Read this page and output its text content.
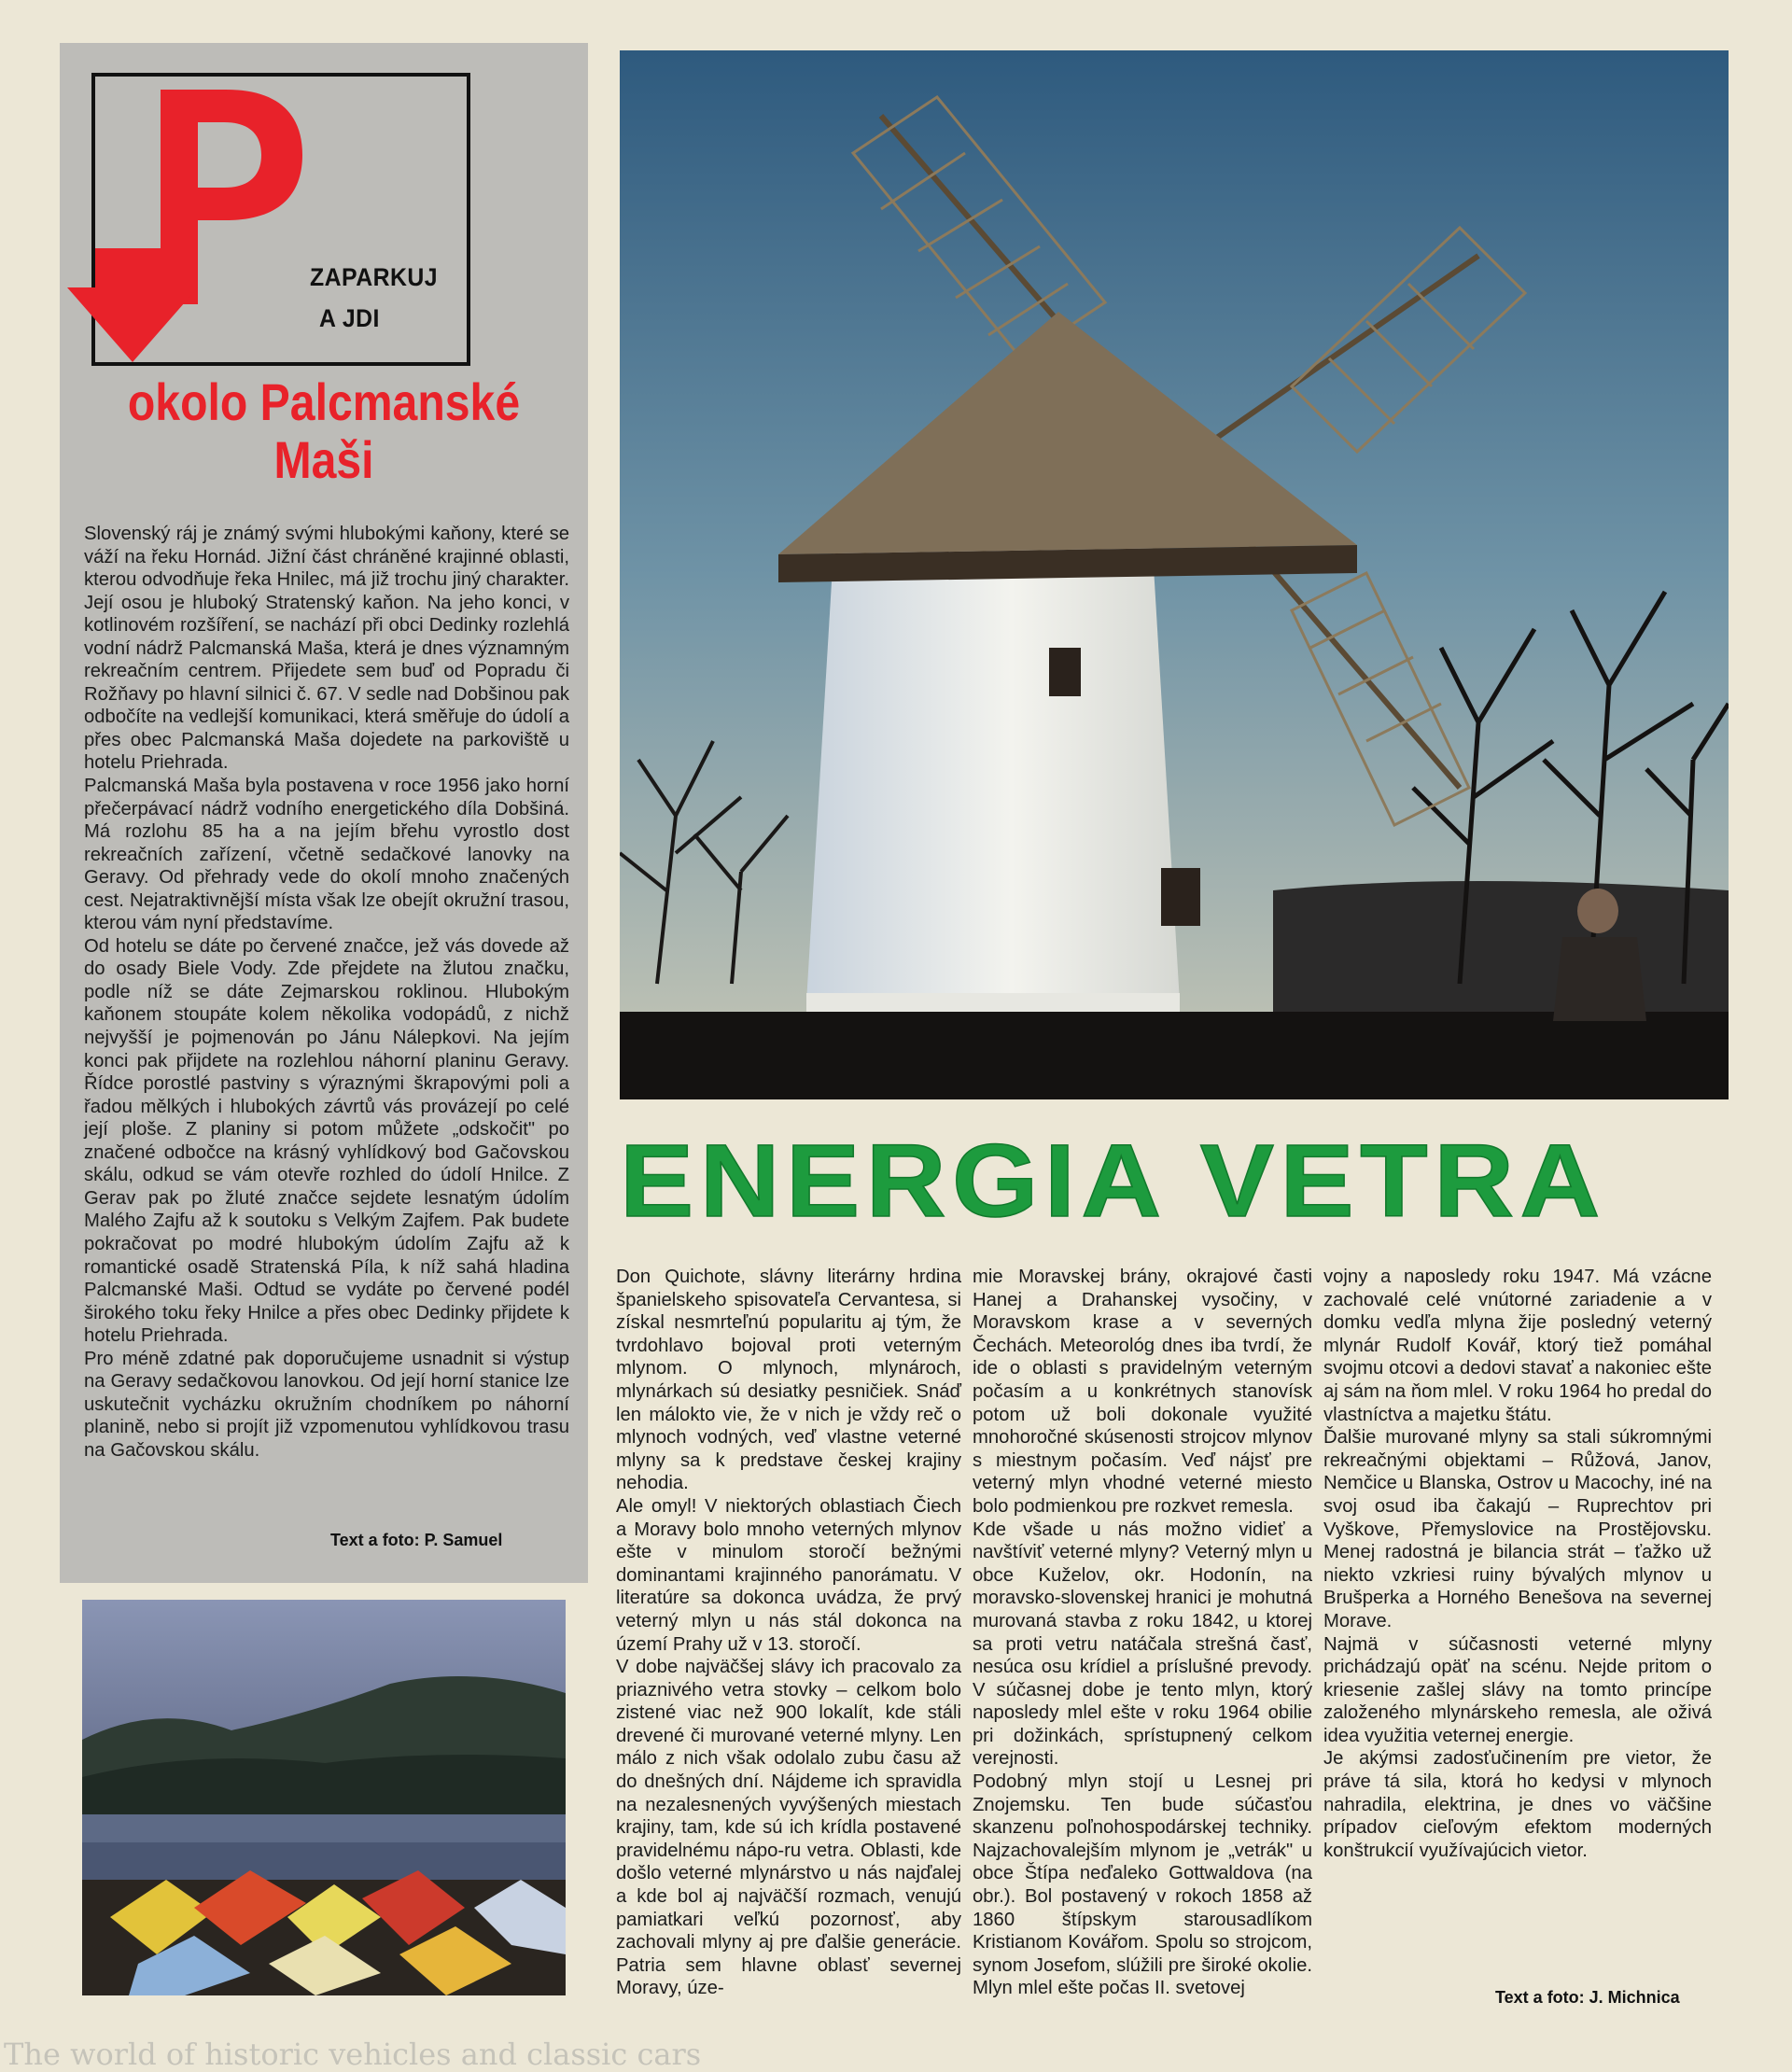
ZAPARKUJ
A JDI
okolo Palcmanské
Maši

Slovenský ráj je známý svými hlubokými kaňony, které se váží na řeku Hornád. Jižní část chráněné krajinné oblasti, kterou odvodňuje řeka Hnilec, má již trochu jiný charakter. Její osou je hluboký Stratenský kaňon. Na jeho konci, v kotlinovém rozšíření, se nachází při obci Dedinky rozlehlá vodní nádrž Palcmanská Maša, která je dnes významným rekreačním centrem. Přijedete sem buď od Popradu či Rožňavy po hlavní silnici č. 67. V sedle nad Dobšinou pak odbočíte na vedlejší komunikaci, která směřuje do údolí a přes obec Palcmanská Maša dojedete na parkoviště u hotelu Priehrada.

Palcmanská Maša byla postavena v roce 1956 jako horní přečerpávací nádrž vodního energetického díla Dobšiná. Má rozlohu 85 ha a na jejím břehu vyrostlo dost rekreačních zařízení, včetně sedačkové lanovky na Geravy. Od přehrady vede do okolí mnoho značených cest. Nejatraktivnější místa však lze obejít okružní trasou, kterou vám nyní představíme.

Od hotelu se dáte po červené značce, jež vás dovede až do osady Biele Vody. Zde přejdete na žlutou značku, podle níž se dáte Zejmarskou roklinou. Hlubokým kaňonem stoupáte kolem několika vodopádů, z nichž nejvyšší je pojmenován po Jánu Nálepkovi. Na jejím konci pak přijdete na rozlehlou náhorní planinu Geravy. Řídce porostlé pastviny s výraznými škrapovými poli a řadou mělkých i hlubokých závrtů vás provázejí po celé její ploše. Z planiny si potom můžete „odskočit" po značené odbočce na krásný vyhlídkový bod Gačovskou skálu, odkud se vám otevře rozhled do údolí Hnilce. Z Gerav pak po žluté značce sejdete lesnatým údolím Malého Zajfu až k soutoku s Velkým Zajfem. Pak budete pokračovat po modré hlubokým údolím Zajfu až k romantické osadě Stratenská Píla, k níž sahá hladina Palcmanské Maši. Odtud se vydáte po červené podél širokého toku řeky Hnilce a přes obec Dedinky přijdete k hotelu Priehrada.

Pro méně zdatné pak doporučujeme usnadnit si výstup na Geravy sedačkovou lanovkou. Od její horní stanice lze uskutečnit vycházku okružním chodníkem po náhorní planině, nebo si projít již vzpomenutou vyhlídkovou trasu na Gačovskou skálu.

Text a foto: P. Samuel
ENERGIA VETRA

Don Quichote, slávny literárny hrdina španielskeho spisovateľa Cervantesa, si získal nesmrteľnú popularitu aj tým, že tvrdohlavo bojoval proti veterným mlynom. O mlynoch, mlynároch, mlynárkach sú desiatky pesničiek. Snáď len málokto vie, že v nich je vždy reč o mlynoch vodných, veď vlastne veterné mlyny sa k predstave českej krajiny nehodia.

Ale omyl! V niektorých oblastiach Čiech a Moravy bolo mnoho veterných mlynov ešte v minulom storočí bežnými dominantami krajinného panorámatu. V literatúre sa dokonca uvádza, že prvý veterný mlyn u nás stál dokonca na území Prahy už v 13. storočí.

V dobe najväčšej slávy ich pracovalo za priaznivého vetra stovky – celkom bolo zistené viac než 900 lokalít, kde stáli drevené či murované veterné mlyny. Len málo z nich však odolalo zubu času až do dnešných dní. Nájdeme ich spravidla na nezalesnených vyvýšených miestach krajiny, tam, kde sú ich krídla postavené pravidelnému nápo-ru vetra. Oblasti, kde došlo veterné mlynárstvo u nás najďalej a kde bol aj najväčší rozmach, venujú pamiatkari veľkú pozornosť, aby zachovali mlyny aj pre ďalšie generácie. Patria sem hlavne oblasť severnej Moravy, úze-

mie Moravskej brány, okrajové časti Hanej a Drahanskej vysočiny, v Moravskom krase a v severných Čechách. Meteorológ dnes iba tvrdí, že ide o oblasti s pravidelným veterným počasím a u konkrétnych stanovísk potom už boli dokonale využité mnohoročné skúsenosti strojcov mlynov s miestnym počasím. Veď nájsť pre veterný mlyn vhodné veterné miesto bolo podmienkou pre rozkvet remesla.

Kde všade u nás možno vidieť a navštíviť veterné mlyny? Veterný mlyn u obce Kuželov, okr. Hodonín, na moravsko-slovenskej hranici je mohutná murovaná stavba z roku 1842, u ktorej sa proti vetru natáčala strešná časť, nesúca osu krídiel a príslušné prevody. V súčasnej dobe je tento mlyn, ktorý naposledy mlel ešte v roku 1964 obilie pri dožinkách, sprístupnený celkom verejnosti.

Podobný mlyn stojí u Lesnej pri Znojemsku. Ten bude súčasťou skanzenu poľnohospodárskej techniky. Najzachovalejším mlynom je „vetrák" u obce Štípa neďaleko Gottwaldova (na obr.). Bol postavený v rokoch 1858 až 1860 štípskym starousadlíkom Kristianom Kovářom. Spolu so strojcom, synom Josefom, slúžili pre široké okolie. Mlyn mlel ešte počas II. svetovej

vojny a naposledy roku 1947. Má vzácne zachovalé celé vnútorné zariadenie a v domku vedľa mlyna žije posledný veterný mlynár Rudolf Kovář, ktorý tiež pomáhal svojmu otcovi a dedovi stavať a nakoniec ešte aj sám na ňom mlel. V roku 1964 ho predal do vlastníctva a majetku štátu.

Ďalšie murované mlyny sa stali súkromnými rekreačnými objektami – Růžová, Janov, Nemčice u Blanska, Ostrov u Macochy, iné na svoj osud iba čakajú – Ruprechtov pri Vyškove, Přemyslovice na Prostějovsku. Menej radostná je bilancia strát – ťažko už niekto vzkriesi ruiny bývalých mlynov u Brušperka a Horného Benešova na severnej Morave.

Najmä v súčasnosti veterné mlyny prichádzajú opäť na scénu. Nejde pritom o kriesenie zašlej slávy na tomto princípe založeného mlynárskeho remesla, ale oživá idea využitia veternej energie.

Je akýmsi zadosťučinením pre vietor, že práve tá sila, ktorá ho kedysi v mlynoch nahradila, elektrina, je dnes vo väčšine prípadov cieľovým efektom moderných konštrukcií využívajúcich vietor.

Text a foto: J. Michnica
The world of historic vehicles and classic cars
